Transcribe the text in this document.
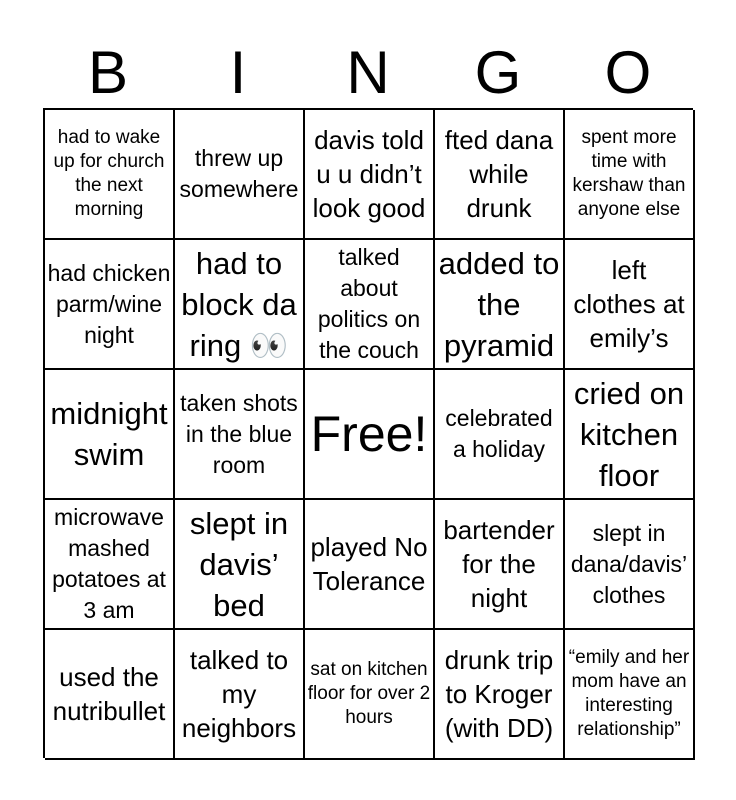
B	I	N	G	O
had to wake up for church the next morning
threw up somewhere
davis told u u didn’t look good
fted dana while drunk
spent more time with kershaw than anyone else
had chicken parm/wine night
had to block da ring 👀
talked about politics on the couch
added to the pyramid
left clothes at emily’s
midnight swim
taken shots in the blue room
Free! celebrated a holiday
cried on kitchen floor
microwave mashed potatoes at 3 am
slept in davis’ bed
played No Tolerance
bartender for the night
slept in dana/davis’ clothes
used the nutribullet
talked to my neighbors
sat on kitchen floor for over 2 hours
drunk trip to Kroger (with DD)
“emily and her mom have an interesting relationship”
